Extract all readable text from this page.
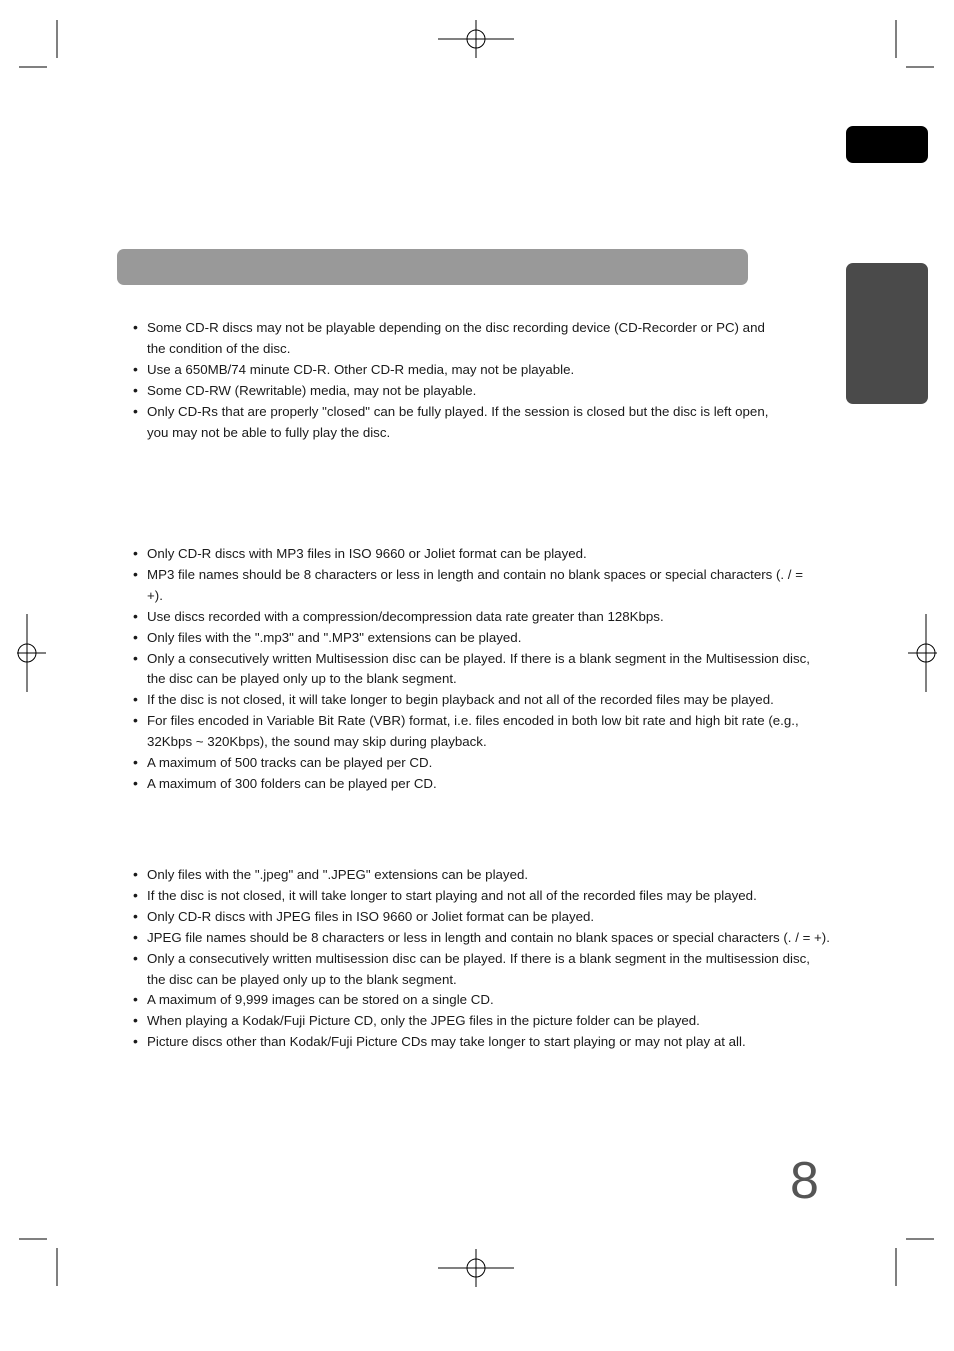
• Some CD-R discs may not be playable depending on the disc recording device (CD-Recorder or PC) and the condition of the disc.
• Use a 650MB/74 minute CD-R. Other CD-R media, may not be playable.
• Some CD-RW (Rewritable) media, may not be playable.
• Only CD-Rs that are properly "closed" can be fully played. If the session is closed but the disc is left open, you may not be able to fully play the disc.
• Only CD-R discs with MP3 files in ISO 9660 or Joliet format can be played.
• MP3 file names should be 8 characters or less in length and contain no blank spaces or special characters (. / = +).
• Use discs recorded with a compression/decompression data rate greater than 128Kbps.
• Only files with the ".mp3" and ".MP3" extensions can be played.
• Only a consecutively written Multisession disc can be played. If there is a blank segment in the Multisession disc, the disc can be played only up to the blank segment.
• If the disc is not closed, it will take longer to begin playback and not all of the recorded files may be played.
• For files encoded in Variable Bit Rate (VBR) format, i.e. files encoded in both low bit rate and high bit rate (e.g., 32Kbps ~ 320Kbps), the sound may skip during playback.
• A maximum of 500 tracks can be played per CD.
• A maximum of 300 folders can be played per CD.
• Only files with the ".jpeg" and ".JPEG" extensions can be played.
• If the disc is not closed, it will take longer to start playing and not all of the recorded files may be played.
• Only CD-R discs with JPEG files in ISO 9660 or Joliet format can be played.
• JPEG file names should be 8 characters or less in length and contain no blank spaces or special characters (. / = +).
• Only a consecutively written multisession disc can be played. If there is a blank segment in the multisession disc, the disc can be played only up to the blank segment.
• A maximum of 9,999 images can be stored on a single CD.
• When playing a Kodak/Fuji Picture CD, only the JPEG files in the picture folder can be played.
• Picture discs other than Kodak/Fuji Picture CDs may take longer to start playing or may not play at all.
8
